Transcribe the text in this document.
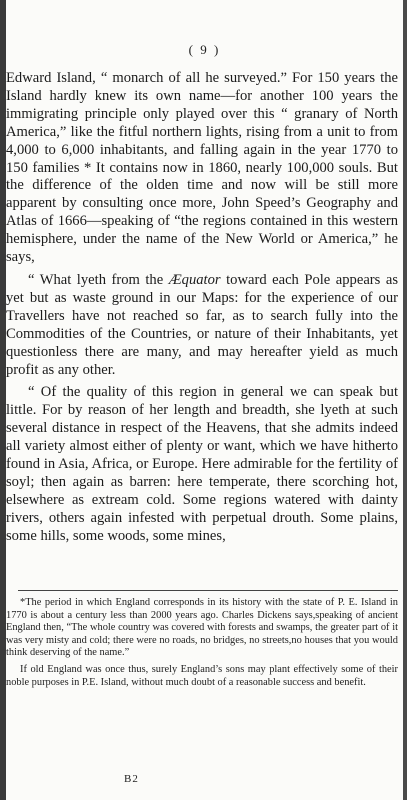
( 9 )

Edward Island, “ monarch of all he surveyed.” For 150 years the Island hardly knew its own name—for another 100 years the immigrating principle only played over this “ granary of North America,” like the fitful northern lights, rising from a unit to from 4,000 to 6,000 inhabitants, and falling again in the year 1770 to 150 families * It contains now in 1860, nearly 100,000 souls. But the difference of the olden time and now will be still more apparent by consulting once more, John Speed’s Geography and Atlas of 1666—speaking of “the regions contained in this western hemisphere, under the name of the New World or America,” he says,

“ What lyeth from the Æquator toward each Pole appears as yet but as waste ground in our Maps: for the experience of our Travellers have not reached so far, as to search fully into the Commodities of the Countries, or nature of their Inhabitants, yet questionless there are many, and may hereafter yield as much profit as any other.

“ Of the quality of this region in general we can speak but little. For by reason of her length and breadth, she lyeth at such several distance in respect of the Heavens, that she admits indeed all variety almost either of plenty or want, which we have hitherto found in Asia, Africa, or Europe. Here admirable for the fertility of soyl; then again as barren: here temperate, there scorching hot, elsewhere as extream cold. Some regions watered with dainty rivers, others again infested with perpetual drouth. Some plains, some hills, some woods, some mines,

*The period in which England corresponds in its history with the state of P. E. Island in 1770 is about a century less than 2000 years ago. Charles Dickens says,speaking of ancient England then, “The whole country was covered with forests and swamps, the greater part of it was very misty and cold; there were no roads, no bridges, no streets,no houses that you would think deserving of the name.”

If old England was once thus, surely England’s sons may plant effectively some of their noble purposes in P.E. Island, without much doubt of a reasonable success and benefit.

B2
